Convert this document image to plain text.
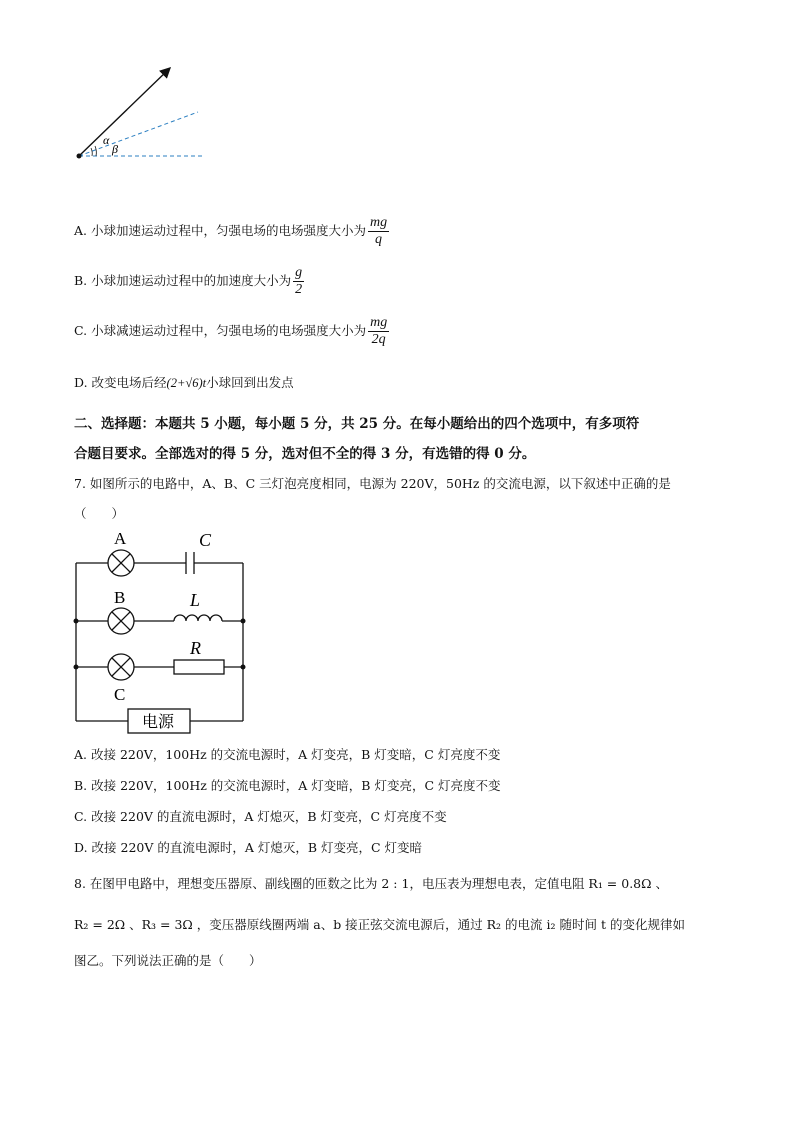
α
β
A. 小球加速运动过程中，匀强电场的电场强度大小为 $\frac{mg}{q}$
B. 小球加速运动过程中的加速度大小为 $\frac{g}{2}$
C. 小球减速运动过程中，匀强电场的电场强度大小为 $\frac{mg}{2q}$
D. 改变电场后经(2+√6)t小球回到出发点
二、选择题：本题共 5 小题，每小题 5 分，共 25 分。在每小题给出的四个选项中，有多项符
合题目要求。全部选对的得 5 分，选对但不全的得 3 分，有选错的得 0 分。
7. 如图所示的电路中，A、B、C 三灯泡亮度相同，电源为 220V，50Hz 的交流电源，以下叙述中正确的是
（　　）
A
B
C
C
L
R
电源
A. 改接 220V，100Hz 的交流电源时，A 灯变亮，B 灯变暗，C 灯亮度不变
B. 改接 220V，100Hz 的交流电源时，A 灯变暗，B 灯变亮，C 灯亮度不变
C. 改接 220V 的直流电源时，A 灯熄灭，B 灯变亮，C 灯亮度不变
D. 改接 220V 的直流电源时，A 灯熄灭，B 灯变亮，C 灯变暗
8. 在图甲电路中，理想变压器原、副线圈的匝数之比为 2 : 1，电压表为理想电表，定值电阻 R₁ = 0.8Ω 、
R₂ = 2Ω 、R₃ = 3Ω ，变压器原线圈两端 a、b 接正弦交流电源后，通过 R₂ 的电流 i₂ 随时间 t 的变化规律如
图乙。下列说法正确的是（　　）
